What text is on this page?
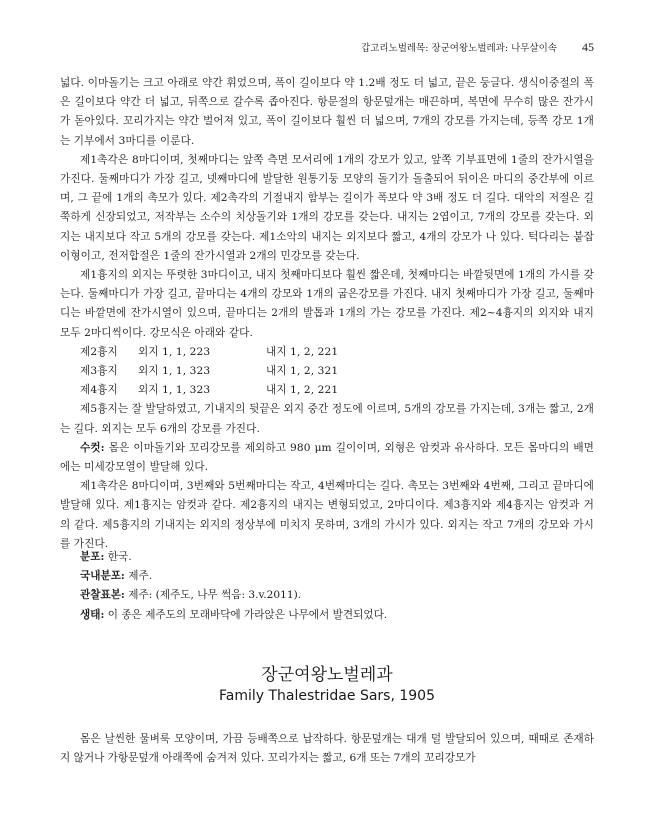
갑고리노벌레목: 장군여왕노벌레과: 나무살이속 45

넓다. 이마돌기는 크고 아래로 약간 휘었으며, 폭이 길이보다 약 1.2배 정도 더 넓고, 끝은 둥글다. 생식이중절의 폭은 길이보다 약간 더 넓고, 뒤쪽으로 갈수록 좁아진다. 항문절의 항문덮개는 매끈하며, 복면에 무수히 많은 잔가시가 돋아있다. 꼬리가지는 약간 벌어져 있고, 폭이 길이보다 훨씬 더 넓으며, 7개의 강모를 가지는데, 등쪽 강모 1개는 기부에서 3마디를 이룬다.

제1촉각은 8마디이며, 첫째마디는 앞쪽 측면 모서리에 1개의 강모가 있고, 앞쪽 기부표면에 1줄의 잔가시열을 가진다. 둘째마디가 가장 길고, 넷째마디에 발달한 원통기둥 모양의 돌기가 돌출되어 뒤이은 마디의 중간부에 이르며, 그 끝에 1개의 촉모가 있다. 제2촉각의 기절내지 함부는 길이가 폭보다 약 3배 정도 더 길다. 대악의 저절은 길쭉하게 신장되었고, 저작부는 소수의 치상돌기와 1개의 강모를 갖는다. 내지는 2엽이고, 7개의 강모를 갖는다. 외지는 내지보다 작고 5개의 강모를 갖는다. 제1소악의 내지는 외지보다 짧고, 4개의 강모가 나 있다. 턱다리는 붙잡이형이고, 전저합절은 1줄의 잔가시열과 2개의 민강모를 갖는다.

제1흉지의 외지는 뚜렷한 3마디이고, 내지 첫째마디보다 훨씬 짧은데, 첫째마디는 바깥뒷면에 1개의 가시를 갖는다. 둘째마디가 가장 길고, 끝마디는 4개의 강모와 1개의 굽은강모를 가진다. 내지 첫째마디가 가장 길고, 둘째마디는 바깥면에 잔가시열이 있으며, 끝마디는 2개의 발톱과 1개의 가는 강모를 가진다. 제2~4흉지의 외지와 내지 모두 2마디씩이다. 강모식은 아래와 같다.

제2흉지 외지 1, 1, 223	내지 1, 2, 221
제3흉지 외지 1, 1, 323	내지 1, 2, 321
제4흉지 외지 1, 1, 323	내지 1, 2, 221

제5흉지는 잘 발달하였고, 기내지의 뒷끝은 외지 중간 정도에 이르며, 5개의 강모를 가지는데, 3개는 짧고, 2개는 길다. 외지는 모두 6개의 강모를 가진다.

수컷: 몸은 이마돌기와 꼬리강모를 제외하고 980 μm 길이이며, 외형은 암컷과 유사하다. 모든 몸마디의 배면에는 미세강모열이 발달해 있다.

제1촉각은 8마디이며, 3번째와 5번째마디는 작고, 4번째마디는 길다. 촉모는 3번째와 4번째, 그리고 끝마디에 발달해 있다. 제1흉지는 암컷과 같다. 제2흉지의 내지는 변형되었고, 2마디이다. 제3흉지와 제4흉지는 암컷과 거의 같다. 제5흉지의 기내지는 외지의 정상부에 미치지 못하며, 3개의 가시가 있다. 외지는 작고 7개의 강모와 가시를 가진다.

분포: 한국.

국내분포: 제주.

관찰표본: 제주: (제주도, 나무 썩음: 3.v.2011).

생태: 이 종은 제주도의 모래바닥에 가라앉은 나무에서 발견되었다.

장군여왕노벌레과
Family Thalestridae Sars, 1905

몸은 날씬한 물벼룩 모양이며, 가끔 등배쪽으로 납작하다. 항문덮개는 대개 덜 발달되어 있으며, 때때로 존재하지 않거나 가항문덮개 아래쪽에 숨겨져 있다. 꼬리가지는 짧고, 6개 또는 7개의 꼬리강모가
